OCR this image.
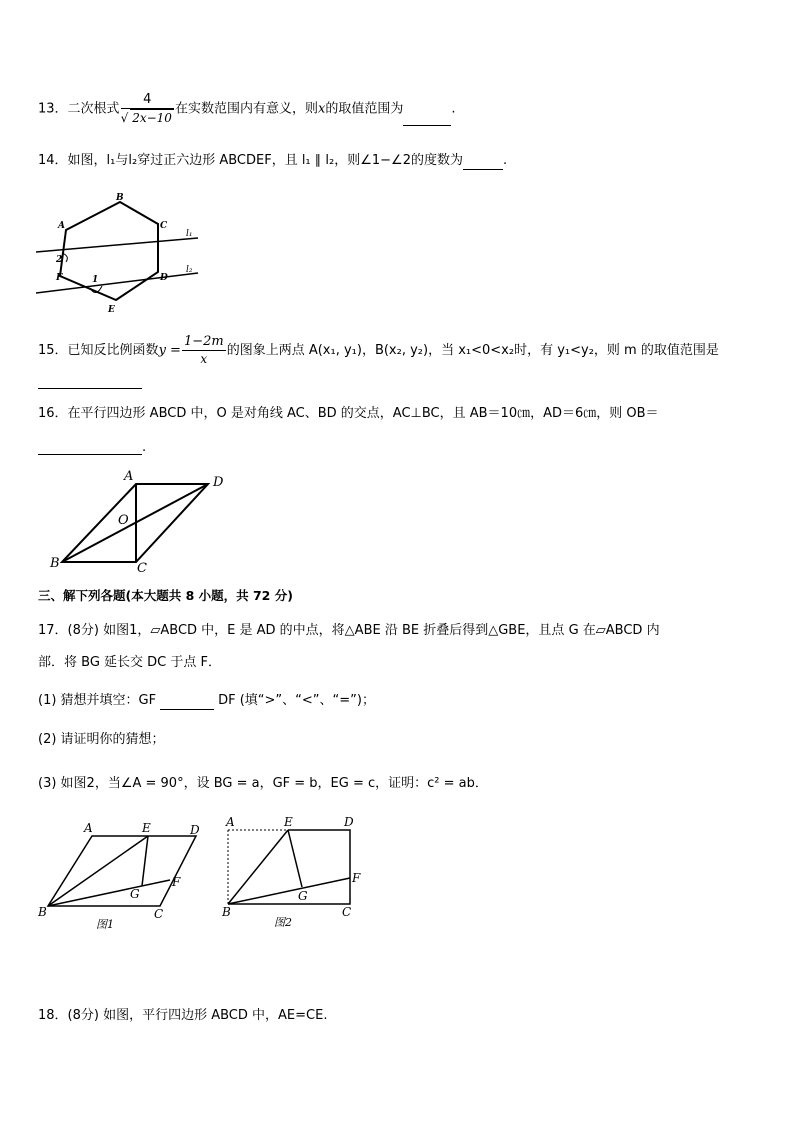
13．二次根式 $\frac{4}{√ 2x-10}$ 在实数范围内有意义，则x的取值范围为	.
14．如图，l₁与l₂穿过正六边形 ABCDEF，且 l₁ ∥ l₂，则∠1−∠2的度数为	.
A
B
C
D
E
F	1
2
l₁
l₂
15．已知反比例函数$y = \frac{1-2m}{x}$ 的图象上两点 A(x₁, y₁)，B(x₂, y₂)，当 x₁<0<x₂时，有 y₁<y₂，则 m 的取值范围是
16．在平行四边形 ABCD 中，O 是对角线 AC、BD 的交点，AC⊥BC，且 AB＝10㎝，AD＝6㎝，则 OB＝
.
A
B	C
D
O
三、解下列各题(本大题共 8 小题，共 72 分)
17．(8分) 如图1，▱ABCD 中，E 是 AD 的中点，将△ABE 沿 BE 折叠后得到△GBE，且点 G 在▱ABCD 内
部．将 BG 延长交 DC 于点 F．
(1) 猜想并填空：GF	DF (填“>”、“<”、“=”)；
(2) 请证明你的猜想；
(3) 如图2，当∠A = 90°，设 BG = a，GF = b，EG = c，证明：c² = ab．
A	E	D
G
F
B	C
图1
A	E	D
F
G
B	C
图2
18．(8分) 如图，平行四边形 ABCD 中，AE=CE.
